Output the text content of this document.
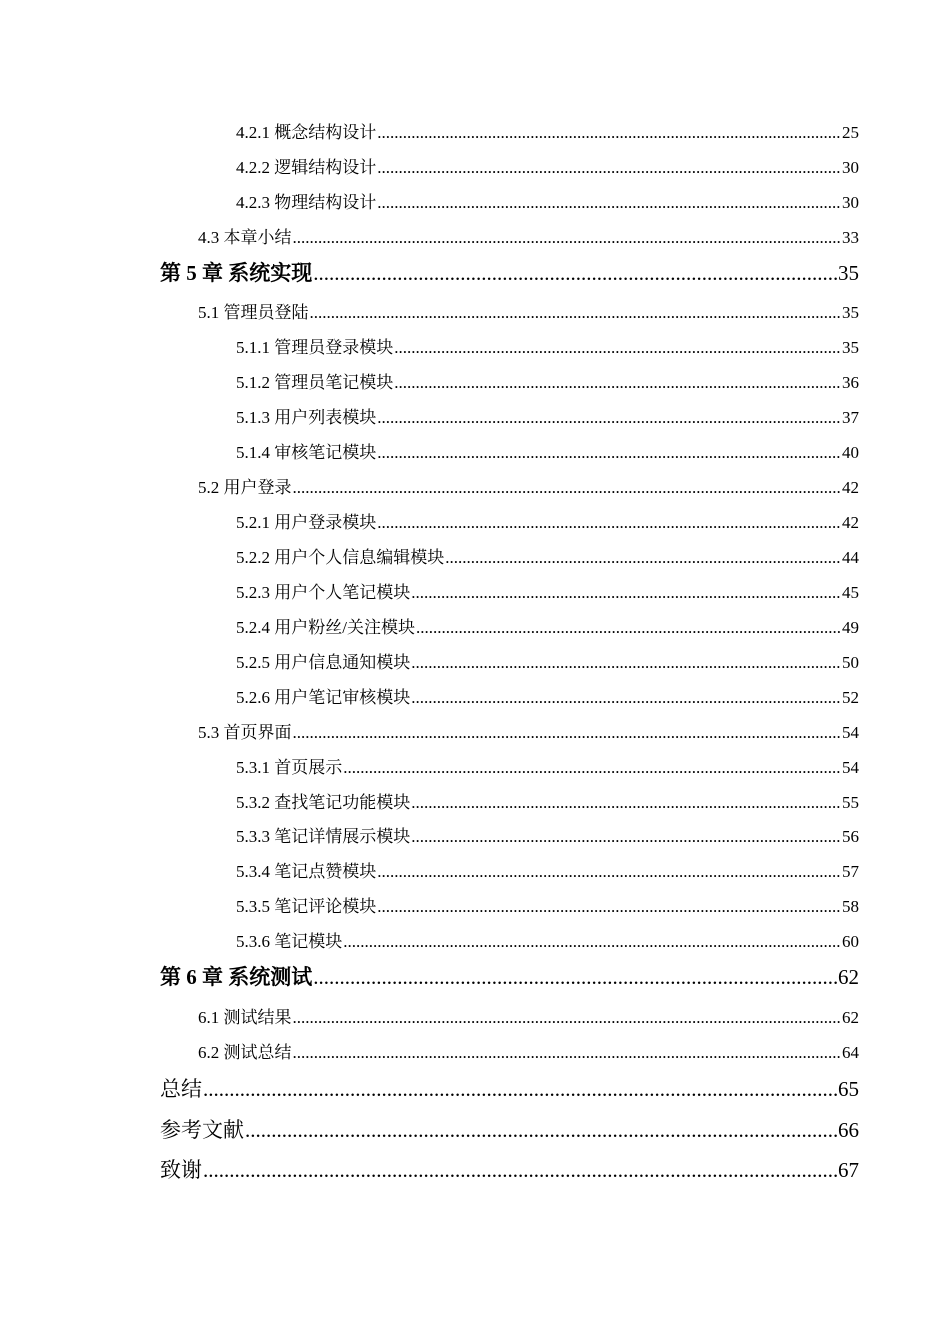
4.2.1 概念结构设计 .....	25
4.2.2 逻辑结构设计 .....	30
4.2.3 物理结构设计 .....	30
4.3 本章小结 .....	33
第 5 章 系统实现 .....	35
5.1 管理员登陆 .....	35
5.1.1 管理员登录模块 .....	35
5.1.2 管理员笔记模块 .....	36
5.1.3 用户列表模块 .....	37
5.1.4 审核笔记模块 .....	40
5.2 用户登录 .....	42
5.2.1 用户登录模块 .....	42
5.2.2 用户个人信息编辑模块 .....	44
5.2.3 用户个人笔记模块 .....	45
5.2.4 用户粉丝/关注模块 .....	49
5.2.5 用户信息通知模块 .....	50
5.2.6 用户笔记审核模块 .....	52
5.3 首页界面 .....	54
5.3.1 首页展示 .....	54
5.3.2 查找笔记功能模块 .....	55
5.3.3 笔记详情展示模块 .....	56
5.3.4 笔记点赞模块 .....	57
5.3.5 笔记评论模块 .....	58
5.3.6 笔记模块 .....	60
第 6 章 系统测试 .....	62
6.1 测试结果 .....	62
6.2 测试总结 .....	64
总结 .....	65
参考文献 .....	66
致谢 .....	67
